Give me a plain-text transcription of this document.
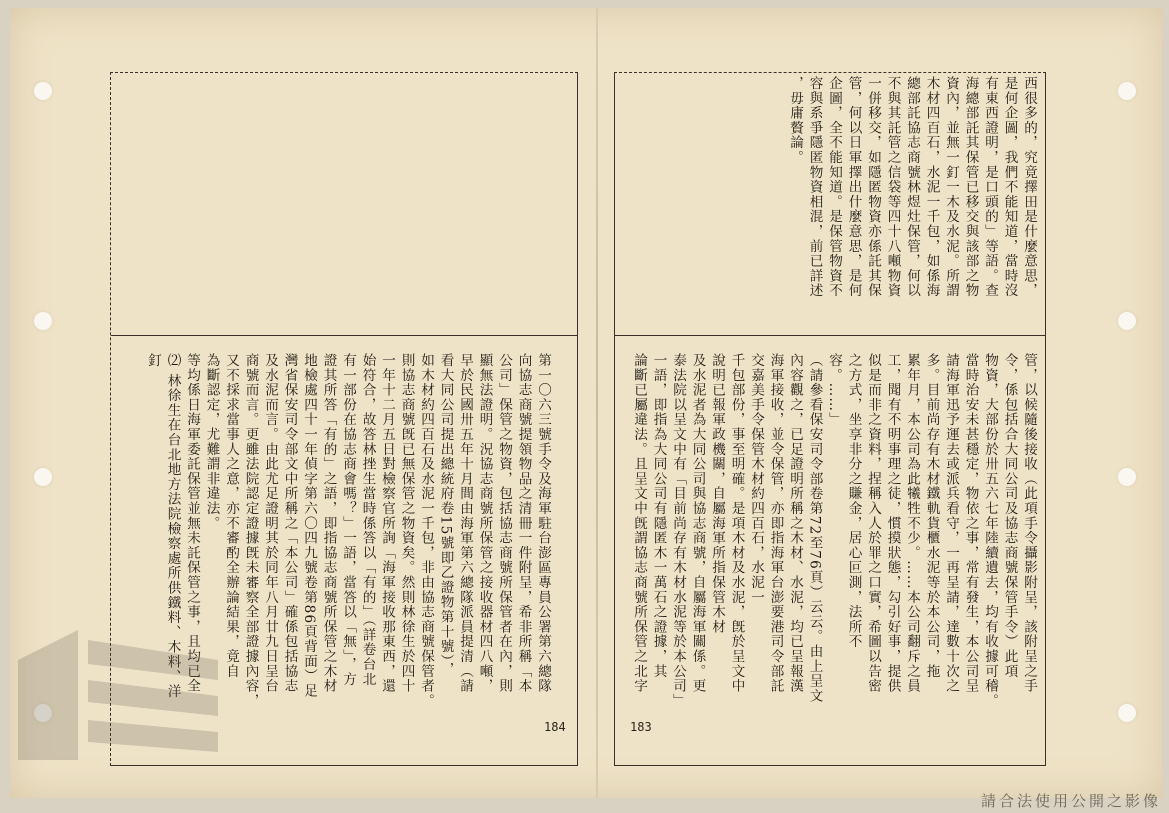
第一〇六三號手令及海軍駐台澎區專員公署第六總隊
向協志商號提領物品之清冊一件附呈，希非所稱「本
公司」保管之物資，包括協志商號所保管者在內，則
顯無法證明。況協志商號所保管之接收器材四八噸，
早於民國卅五年十月間由海軍第六總隊派員提清（請
看大同公司提出總統府卷15號即乙證物第十號），
如木材約四百石及水泥一千包，非由協志商號保管者。
則協志商號旣已無保管之物資矣。然則林徐生於四十
一年十二月五日對檢察官所詢「海軍接收那東西，還
始符合，故答林挫生當時係答以「有的」（詳卷台北
有一部份在協志商會嗎？」一語，當答以「無」，方
證其所答「有的」之語，即指協志商號所保管之木材
地檢處四十一年偵字第六〇四九號卷第86頁背面）足
灣省保安司令部文中所稱之「本公司」確係包括協志
及水泥而言。由此尤足證明其於同年八月廿九日呈台
商號而言。更雖法院認定證據旣未審察全部證據內容，
又不採求當事人之意，亦不審酌全辦論結果，竟自
為斷認定，尤難謂非違法。
等均係日海軍委託保管並無未託保管之事，且均已全
⑵ 林徐生在台北地方法院檢察處所供鐵料、木料、洋釘
184
西很多的，究竟擇田是什麼意思，
是何企圖，我們不能知道，當時沒
有東西證明，是口頭的」等語。查
海總部託其保管已移交與該部之物
資內，並無一釘一木及水泥。所謂
木材四百石，水泥一千包，如係海
總部託協志商號林煜灶保管，何以
不與其託管之信袋等四十八噸物資
一併移交，如隱匿物資亦係託其保
管，何以日軍擇出什麼意思，是何
企圖，全不能知道。是保管物資不
容與系爭隱匿物資相混，前已詳述
，毋庸贅論。
管，以候隨後接收（此項手令攝影附呈，該附呈之手
令，係包括合大同公司及協志商號保管手令）此項
物資，大部份於卅五六七年陸續遺去，均有收據可稽。
當時治安未甚穩定，物依之事，常有發生，本公司呈
請海軍迅予運去或派兵看守，一再呈請，達數十次之
多。目前尚存有木材鐵軌貨櫃水泥等於本公司，拖
累年月，本公司為此犧牲不少。……本公司翻斥之員
工，聞有不明事理之徒，慣摸狀態，勾引好事，提供
似是而非之資料，捏稱入人於罪之口實，希圖以告密
之方式，坐享非分之賺金，居心叵測，法所不容。……」
（請參看保安司令部卷第72至76頁）云云。由上呈文
內容觀之，已足證明所稱之木材、水泥，均已呈報漢
海軍接收，並令保管，亦即指海軍台澎要港司令部託
交嘉美手令保管木材約四百石，水泥一
千包部份，事至明確。是項木材及水泥，旣於呈文中
說明已報軍政機關，自屬海軍所指保管木材
及水泥者為大同公司與協志商號，自屬海軍關係。更
泰法院以呈文中有「目前尚存有木材水泥等於本公司」
一語，即指為大同公司有隱匿木一萬石之證據，其
論斷已屬違法。且呈文中旣謂協志商號所保管之北字
183
請合法使用公開之影像
